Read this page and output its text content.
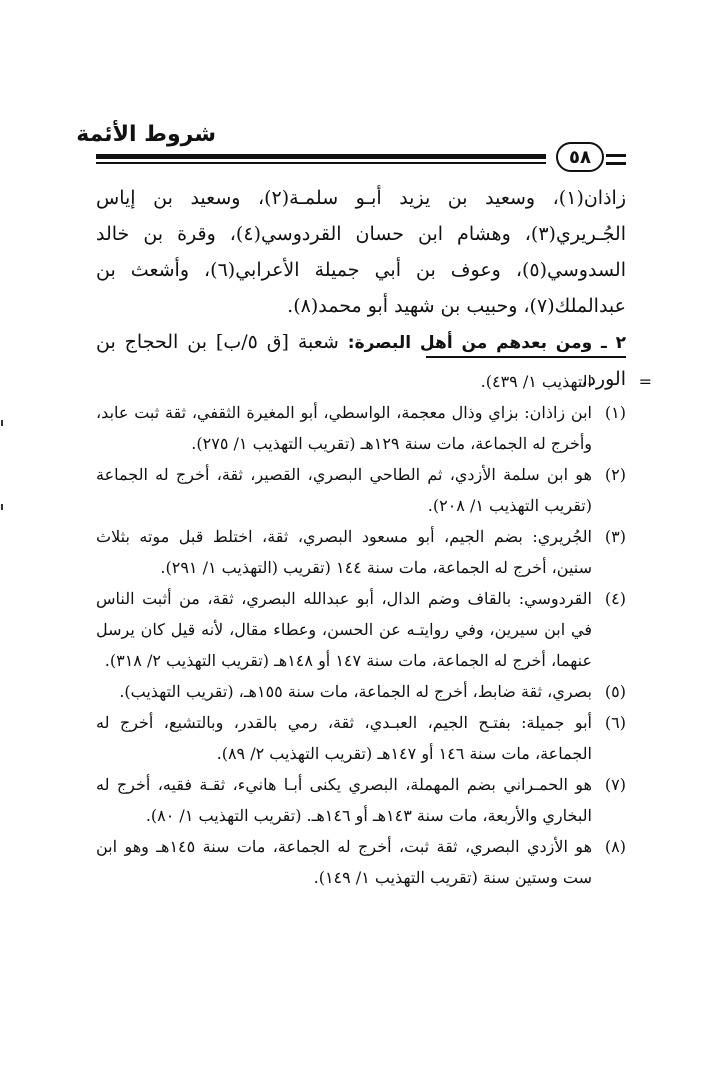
شروط الأئمة
٥٨

زاذان(١)، وسعيد بن يزيد أبـو سلمـة(٢)، وسعيد بن إياس الجُـريري(٣)، وهشام ابن حسان القردوسي(٤)، وقرة بن خالد السدوسي(٥)، وعوف بن أبي جميلة الأعرابي(٦)، وأشعث بن عبدالملك(٧)، وحبيب بن شهيد أبو محمد(٨).

٢ ـ ومن بعدهم من أهل البصرة: شعبة [ق ٥/ب] بن الحجاج بن الورد، =
التهذيب ١/ ٤٣٩).

(١)
ابن زاذان: بزاي وذال معجمة، الواسطي، أبو المغيرة الثقفي، ثقة ثبت عابد، وأخرج له الجماعة، مات سنة ١٢٩هـ (تقريب التهذيب ١/ ٢٧٥).
(٢)
هو ابن سلمة الأزدي، ثم الطاحي البصري، القصير، ثقة، أخرج له الجماعة (تقريب التهذيب ١/ ٢٠٨).
(٣)
الجُريري: بضم الجيم، أبو مسعود البصري، ثقة، اختلط قبل موته بثلاث سنين، أخرج له الجماعة، مات سنة ١٤٤ (تقريب (التهذيب ١/ ٢٩١).
(٤)
القردوسي: بالقاف وضم الدال، أبو عبدالله البصري، ثقة، من أثبت الناس في ابن سيرين، وفي روايتـه عن الحسن، وعطاء مقال، لأنه قيل كان يرسل عنهما، أخرج له الجماعة، مات سنة ١٤٧ أو ١٤٨هـ (تقريب التهذيب ٢/ ٣١٨).
(٥)
بصري، ثقة ضابط، أخرج له الجماعة، مات سنة ١٥٥هـ، (تقريب التهذيب).
(٦)
أبو جميلة: بفتـح الجيم، العبـدي، ثقة، رمي بالقدر، وبالتشيع، أخرج له الجماعة، مات سنة ١٤٦ أو ١٤٧هـ (تقريب التهذيب ٢/ ٨٩).
(٧)
هو الحمـراني بضم المهملة، البصري يكنى أبـا هانيء، ثقـة فقيه، أخرج له البخاري والأربعة، مات سنة ١٤٣هـ أو ١٤٦هـ. (تقريب التهذيب ١/ ٨٠).
(٨)
هو الأزدي البصري، ثقة ثبت، أخرج له الجماعة، مات سنة ١٤٥هـ وهو ابن ست وستين سنة (تقريب التهذيب ١/ ١٤٩).
